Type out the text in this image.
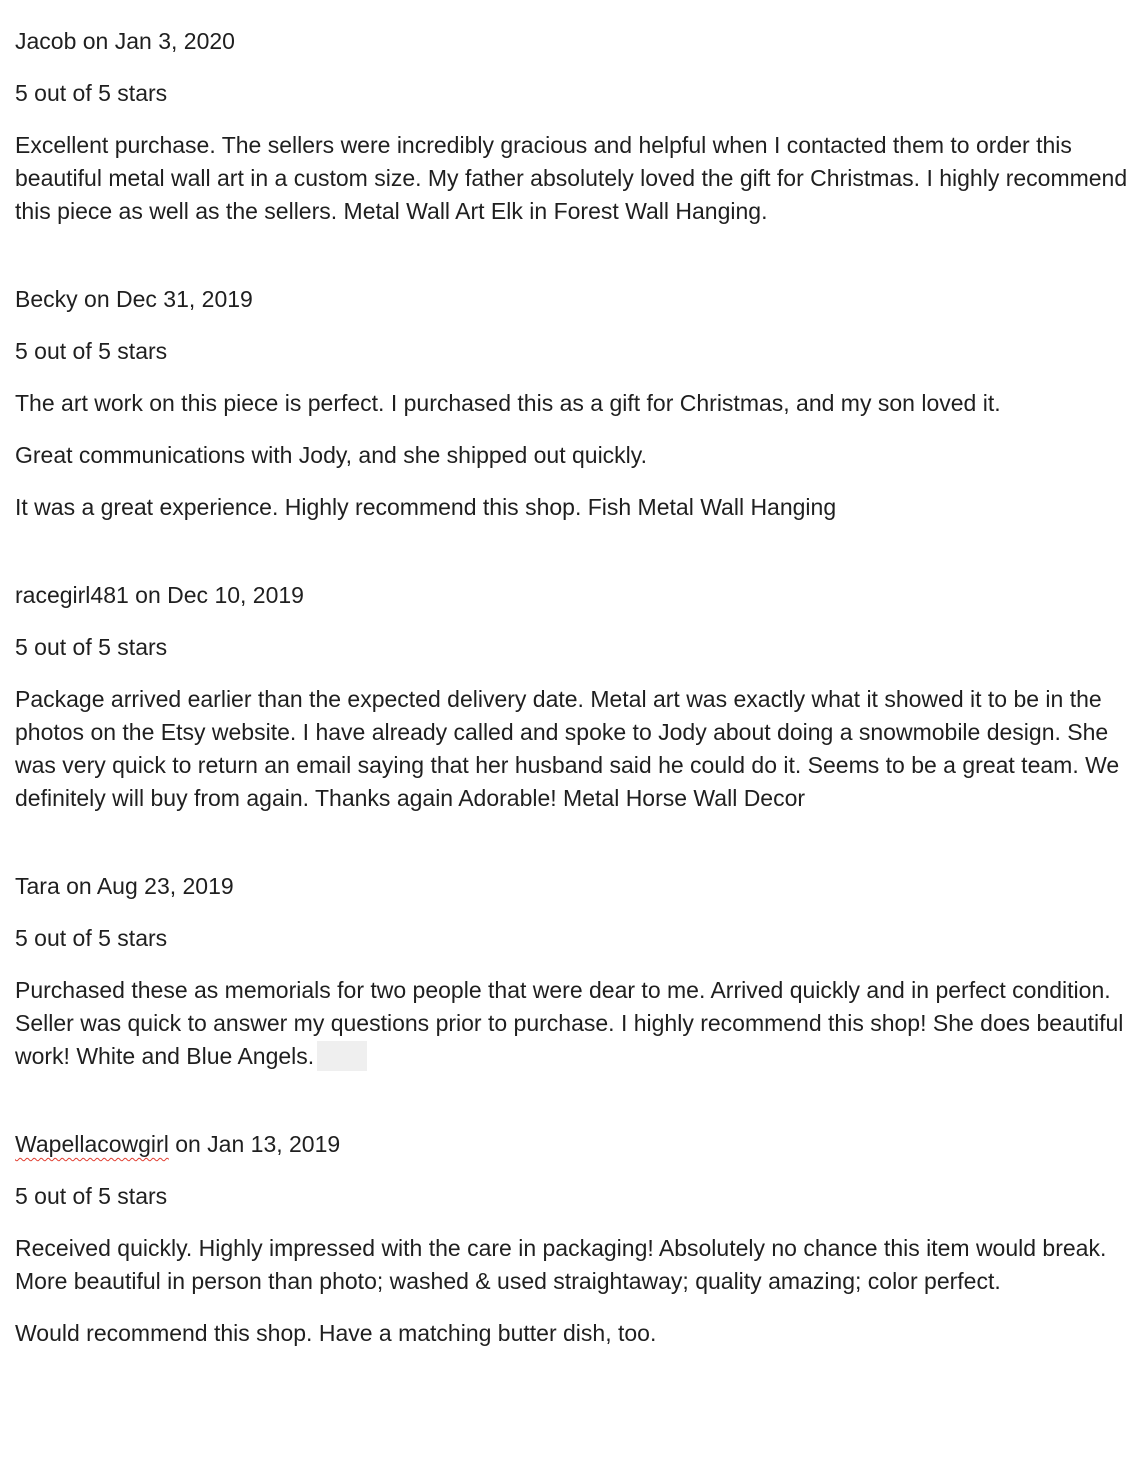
Jacob on Jan 3, 2020

5 out of 5 stars

Excellent purchase. The sellers were incredibly gracious and helpful when I contacted them to order this beautiful metal wall art in a custom size. My father absolutely loved the gift for Christmas. I highly recommend this piece as well as the sellers. Metal Wall Art Elk in Forest Wall Hanging.

Becky on Dec 31, 2019

5 out of 5 stars

The art work on this piece is perfect. I purchased this as a gift for Christmas, and my son loved it.

Great communications with Jody, and she shipped out quickly.

It was a great experience. Highly recommend this shop. Fish Metal Wall Hanging

racegirl481 on Dec 10, 2019

5 out of 5 stars

Package arrived earlier than the expected delivery date. Metal art was exactly what it showed it to be in the photos on the Etsy website. I have already called and spoke to Jody about doing a snowmobile design. She was very quick to return an email saying that her husband said he could do it. Seems to be a great team. We definitely will buy from again. Thanks again Adorable! Metal Horse Wall Decor

Tara on Aug 23, 2019

5 out of 5 stars

Purchased these as memorials for two people that were dear to me. Arrived quickly and in perfect condition. Seller was quick to answer my questions prior to purchase. I highly recommend this shop! She does beautiful work! White and Blue Angels.

Wapellacowgirl on Jan 13, 2019

5 out of 5 stars

Received quickly. Highly impressed with the care in packaging! Absolutely no chance this item would break. More beautiful in person than photo; washed & used straightaway; quality amazing; color perfect.

Would recommend this shop. Have a matching butter dish, too.
